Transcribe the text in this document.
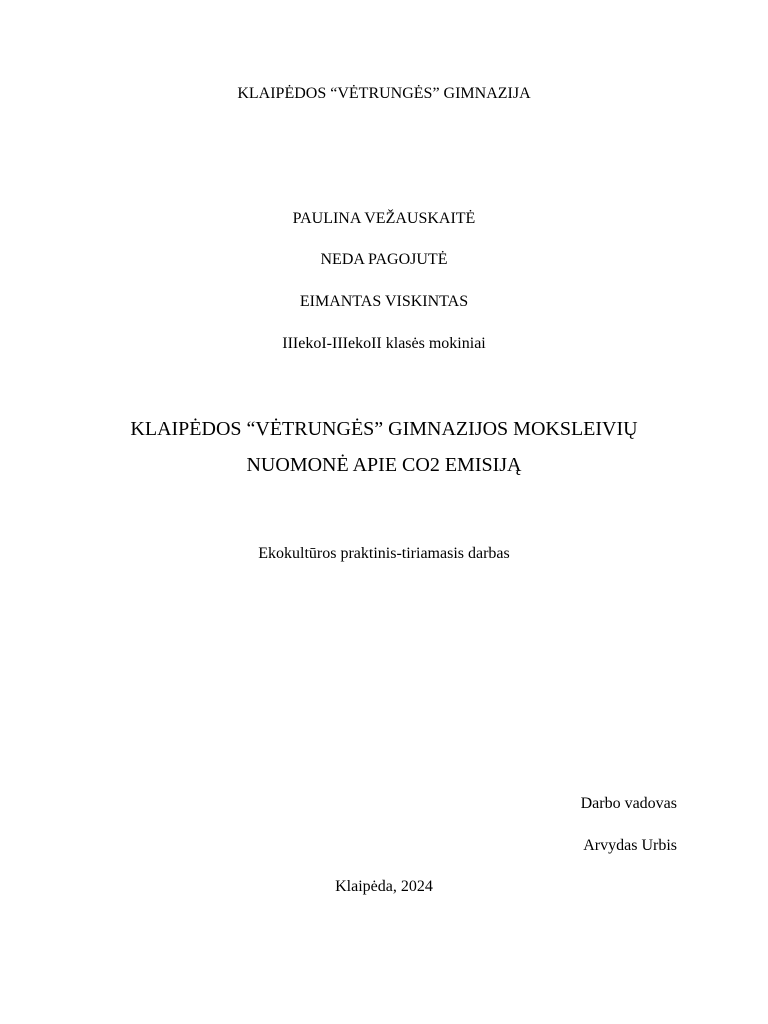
KLAIPĖDOS “VĖTRUNGĖS” GIMNAZIJA
PAULINA VEŽAUSKAITĖ
NEDA PAGOJUTĖ
EIMANTAS VISKINTAS
IIIekoI-IIIekoII klasės mokiniai
KLAIPĖDOS “VĖTRUNGĖS” GIMNAZIJOS MOKSLEIVIŲ
NUOMONĖ APIE CO2 EMISIJĄ
Ekokultūros praktinis-tiriamasis darbas
Darbo vadovas
Arvydas Urbis
Klaipėda, 2024
